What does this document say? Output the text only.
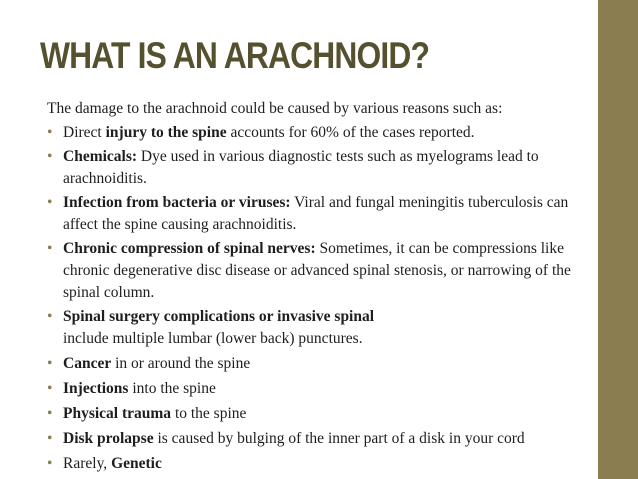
WHAT IS AN ARACHNOID?

The damage to the arachnoid could be caused by various reasons such as:

• Direct injury to the spine accounts for 60% of the cases reported.
• Chemicals: Dye used in various diagnostic tests such as myelograms lead to arachnoiditis.
• Infection from bacteria or viruses: Viral and fungal meningitis tuberculosis can affect the spine causing arachnoiditis.
• Chronic compression of spinal nerves: Sometimes, it can be compressions like chronic degenerative disc disease or advanced spinal stenosis, or narrowing of the spinal column.
• Spinal surgery complications or invasive spinal
include multiple lumbar (lower back) punctures.
• Cancer in or around the spine
• Injections into the spine
• Physical trauma to the spine
• Disk prolapse is caused by bulging of the inner part of a disk in your cord
• Rarely, Genetic
